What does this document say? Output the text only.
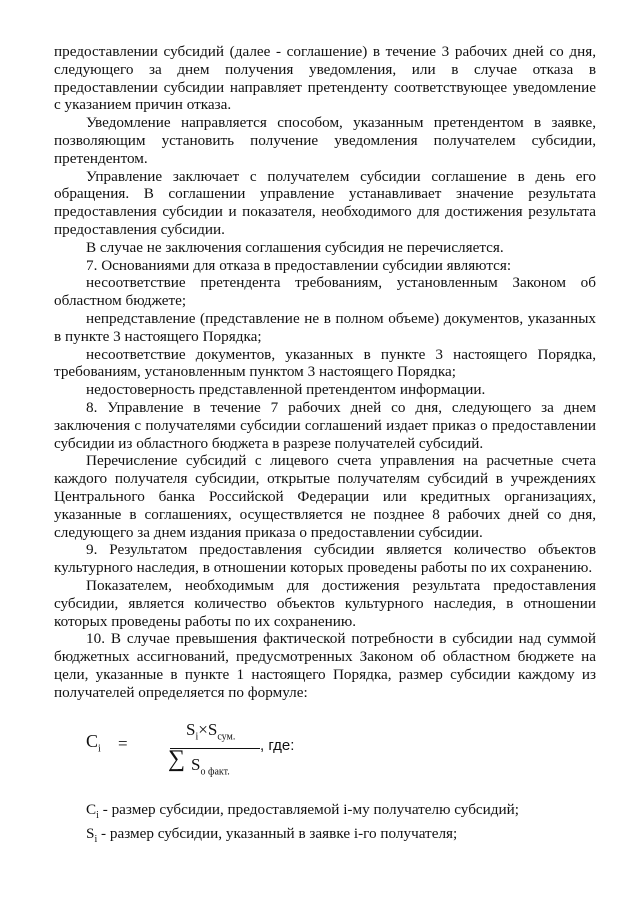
предоставлении субсидий (далее - соглашение) в течение 3 рабочих дней со дня, следующего за днем получения уведомления, или в случае отказа в предоставлении субсидии направляет претенденту соответствующее уведомление с указанием причин отказа.

Уведомление направляется способом, указанным претендентом в заявке, позволяющим установить получение уведомления получателем субсидии, претендентом.

Управление заключает с получателем субсидии соглашение в день его обращения. В соглашении управление устанавливает значение результата предоставления субсидии и показателя, необходимого для достижения результата предоставления субсидии.

В случае не заключения соглашения субсидия не перечисляется.

7. Основаниями для отказа в предоставлении субсидии являются:

несоответствие претендента требованиям, установленным Законом об областном бюджете;

непредставление (представление не в полном объеме) документов, указанных в пункте 3 настоящего Порядка;

несоответствие документов, указанных в пункте 3 настоящего Порядка, требованиям, установленным пунктом 3 настоящего Порядка;

недостоверность представленной претендентом информации.

8. Управление в течение 7 рабочих дней со дня, следующего за днем заключения с получателями субсидии соглашений издает приказ о предоставлении субсидии из областного бюджета в разрезе получателей субсидий.

Перечисление субсидий с лицевого счета управления на расчетные счета каждого получателя субсидии, открытые получателям субсидий в учреждениях Центрального банка Российской Федерации или кредитных организациях, указанные в соглашениях, осуществляется не позднее 8 рабочих дней со дня, следующего за днем издания приказа о предоставлении субсидии.

9. Результатом предоставления субсидии является количество объектов культурного наследия, в отношении которых проведены работы по их сохранению.

Показателем, необходимым для достижения результата предоставления субсидии, является количество объектов культурного наследия, в отношении которых проведены работы по их сохранению.

10. В случае превышения фактической потребности в субсидии над суммой бюджетных ассигнований, предусмотренных Законом об областном бюджете на цели, указанные в пункте 1 настоящего Порядка, размер субсидии каждому из получателей определяется по формуле:

$C_i$ =
$S_i\times S_{сум.}$
∑ $S_{о факт.}$
, где:

$C_i$ - размер субсидии, предоставляемой i-му получателю субсидий;

$S_i$ - размер субсидии, указанный в заявке i-го получателя;
